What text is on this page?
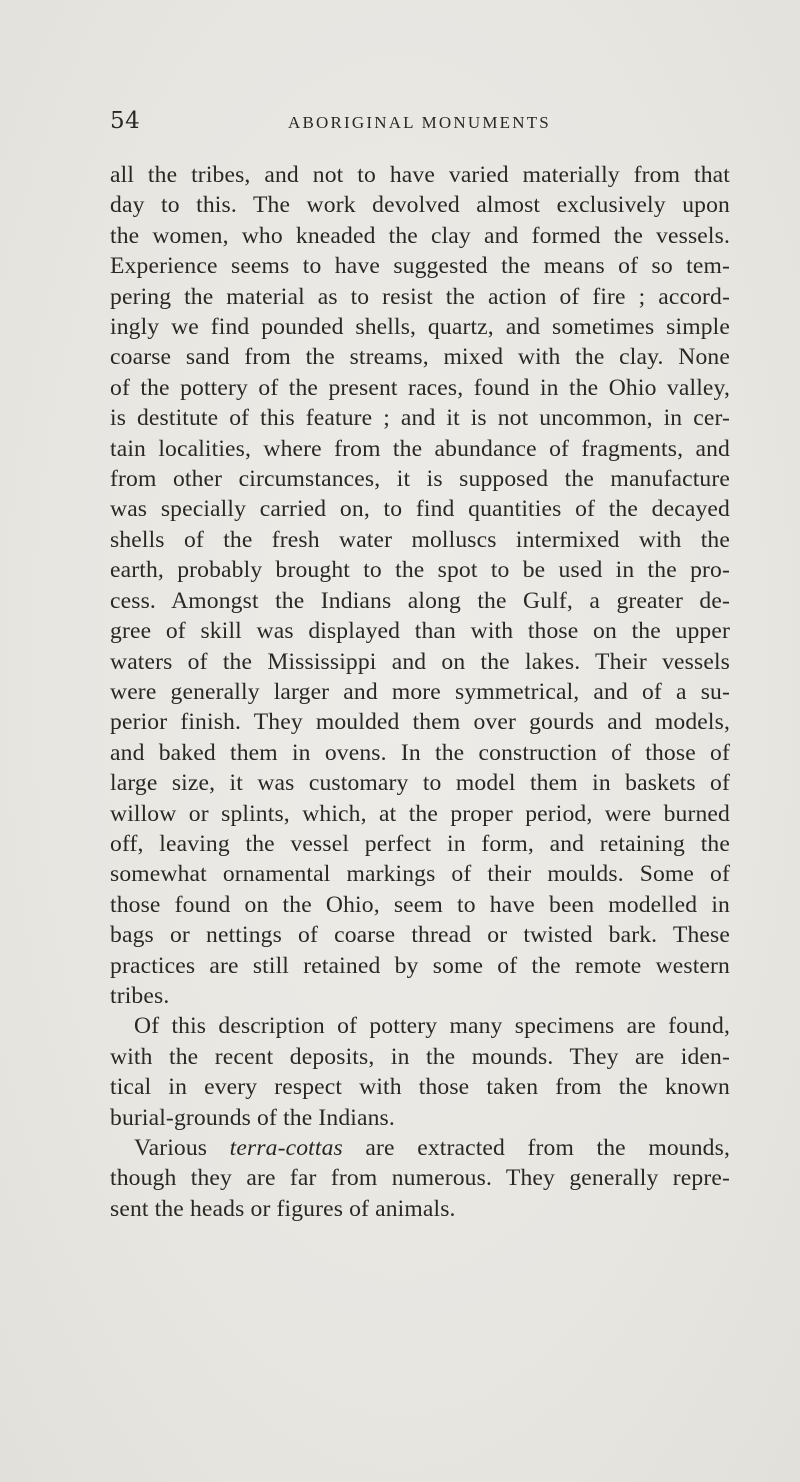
54	ABORIGINAL MONUMENTS
all the tribes, and not to have varied materially from that
day to this. The work devolved almost exclusively upon
the women, who kneaded the clay and formed the vessels.
Experience seems to have suggested the means of so tem-
pering the material as to resist the action of fire ; accord-
ingly we find pounded shells, quartz, and sometimes simple
coarse sand from the streams, mixed with the clay. None
of the pottery of the present races, found in the Ohio valley,
is destitute of this feature ; and it is not uncommon, in cer-
tain localities, where from the abundance of fragments, and
from other circumstances, it is supposed the manufacture
was specially carried on, to find quantities of the decayed
shells of the fresh water molluscs intermixed with the
earth, probably brought to the spot to be used in the pro-
cess. Amongst the Indians along the Gulf, a greater de-
gree of skill was displayed than with those on the upper
waters of the Mississippi and on the lakes. Their vessels
were generally larger and more symmetrical, and of a su-
perior finish. They moulded them over gourds and models,
and baked them in ovens. In the construction of those of
large size, it was customary to model them in baskets of
willow or splints, which, at the proper period, were burned
off, leaving the vessel perfect in form, and retaining the
somewhat ornamental markings of their moulds. Some of
those found on the Ohio, seem to have been modelled in
bags or nettings of coarse thread or twisted bark. These
practices are still retained by some of the remote western
tribes.
Of this description of pottery many specimens are found,
with the recent deposits, in the mounds. They are iden-
tical in every respect with those taken from the known
burial-grounds of the Indians.
Various terra-cottas are extracted from the mounds,
though they are far from numerous. They generally repre-
sent the heads or figures of animals.
